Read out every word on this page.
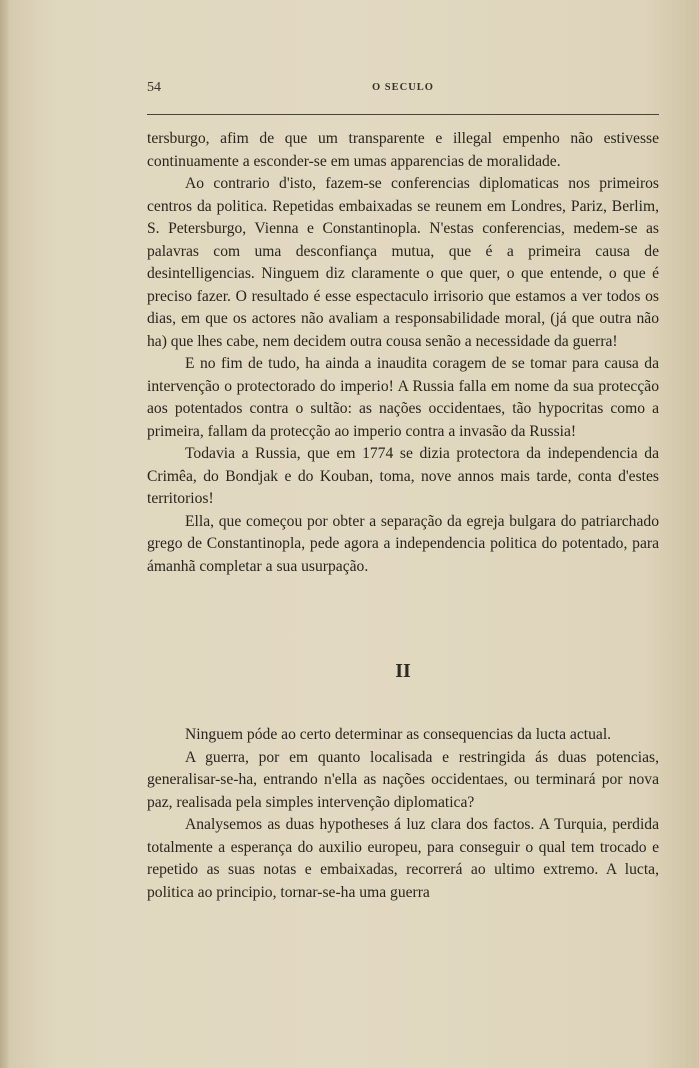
54	O SECULO

tersburgo, afim de que um transparente e illegal empenho não estivesse continuamente a esconder-se em umas apparencias de moralidade.

Ao contrario d'isto, fazem-se conferencias diplomaticas nos primeiros centros da politica. Repetidas embaixadas se reunem em Londres, Pariz, Berlim, S. Petersburgo, Vienna e Constantinopla. N'estas conferencias, medem-se as palavras com uma desconfiança mutua, que é a primeira causa de desintelligencias. Ninguem diz claramente o que quer, o que entende, o que é preciso fazer. O resultado é esse espectaculo irrisorio que estamos a ver todos os dias, em que os actores não avaliam a responsabilidade moral, (já que outra não ha) que lhes cabe, nem decidem outra cousa senão a necessidade da guerra!

E no fim de tudo, ha ainda a inaudita coragem de se tomar para causa da intervenção o protectorado do imperio! A Russia falla em nome da sua protecção aos potentados contra o sultão: as nações occidentaes, tão hypocritas como a primeira, fallam da protecção ao imperio contra a invasão da Russia!

Todavia a Russia, que em 1774 se dizia protectora da independencia da Crimêa, do Bondjak e do Kouban, toma, nove annos mais tarde, conta d'estes territorios!

Ella, que começou por obter a separação da egreja bulgara do patriarchado grego de Constantinopla, pede agora a independencia politica do potentado, para ámanhã completar a sua usurpação.

II

Ninguem póde ao certo determinar as consequencias da lucta actual.

A guerra, por em quanto localisada e restringida ás duas potencias, generalisar-se-ha, entrando n'ella as nações occidentaes, ou terminará por nova paz, realisada pela simples intervenção diplomatica?

Analysemos as duas hypotheses á luz clara dos factos. A Turquia, perdida totalmente a esperança do auxilio europeu, para conseguir o qual tem trocado e repetido as suas notas e embaixadas, recorrerá ao ultimo extremo. A lucta, politica ao principio, tornar-se-ha uma guerra
